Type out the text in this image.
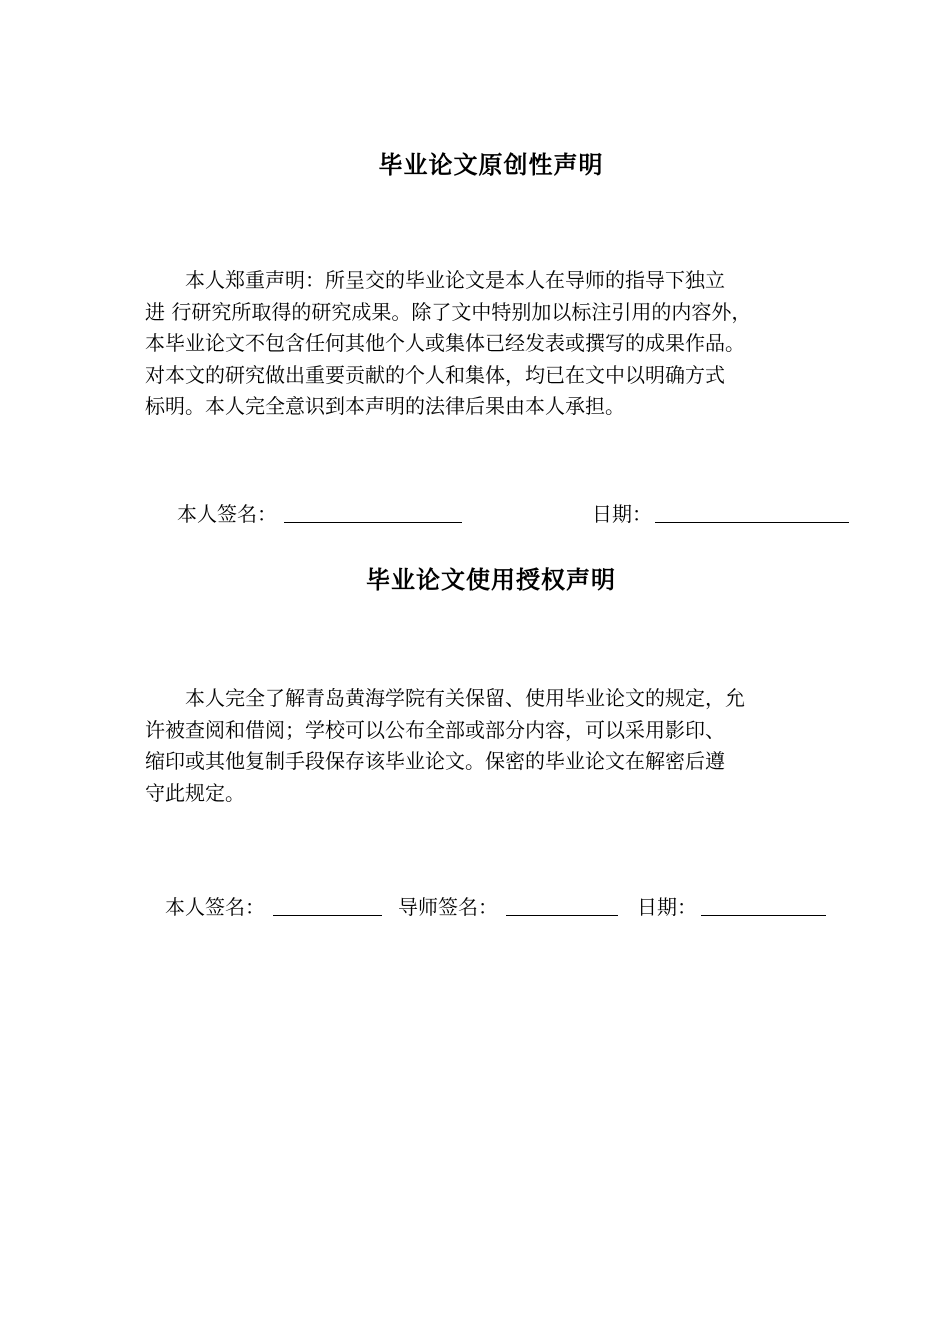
毕业论文原创性声明
　　本人郑重声明：所呈交的毕业论文是本人在导师的指导下独立
进 行研究所取得的研究成果。除了文中特别加以标注引用的内容外，
本毕业论文不包含任何其他个人或集体已经发表或撰写的成果作品。
对本文的研究做出重要贡献的个人和集体，均已在文中以明确方式
标明。本人完全意识到本声明的法律后果由本人承担。
本人签名：	日期：
毕业论文使用授权声明
　　本人完全了解青岛黄海学院有关保留、使用毕业论文的规定，允
许被查阅和借阅；学校可以公布全部或部分内容，可以采用影印、
缩印或其他复制手段保存该毕业论文。保密的毕业论文在解密后遵
守此规定。
本人签名：	导师签名：	日期：
